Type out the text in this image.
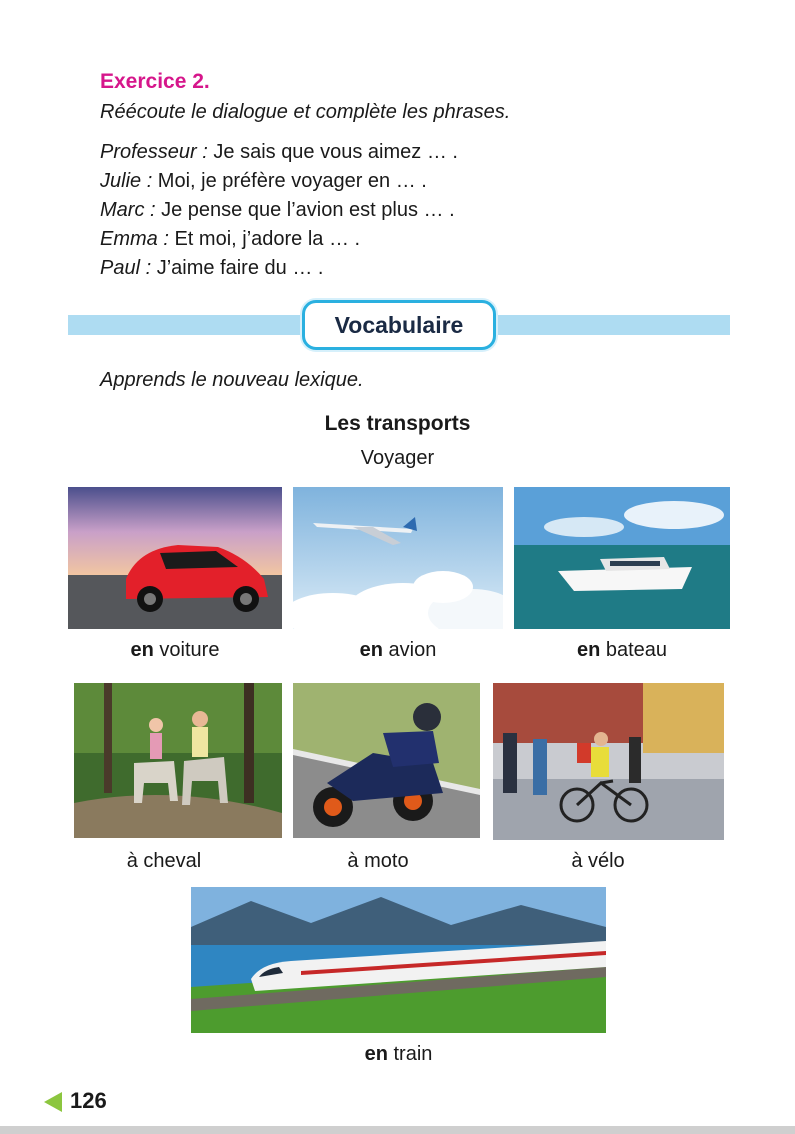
Exercice 2.
Réécoute le dialogue et complète les phrases.
Professeur : Je sais que vous aimez … .
Julie : Moi, je préfère voyager en … .
Marc : Je pense que l’avion est plus … .
Emma : Et moi, j’adore la … .
Paul : J’aime faire du … .
Vocabulaire
Apprends le nouveau lexique.
Les transports
Voyager
en voiture	en avion	en bateau
à cheval	à moto	à vélo
en train
126
